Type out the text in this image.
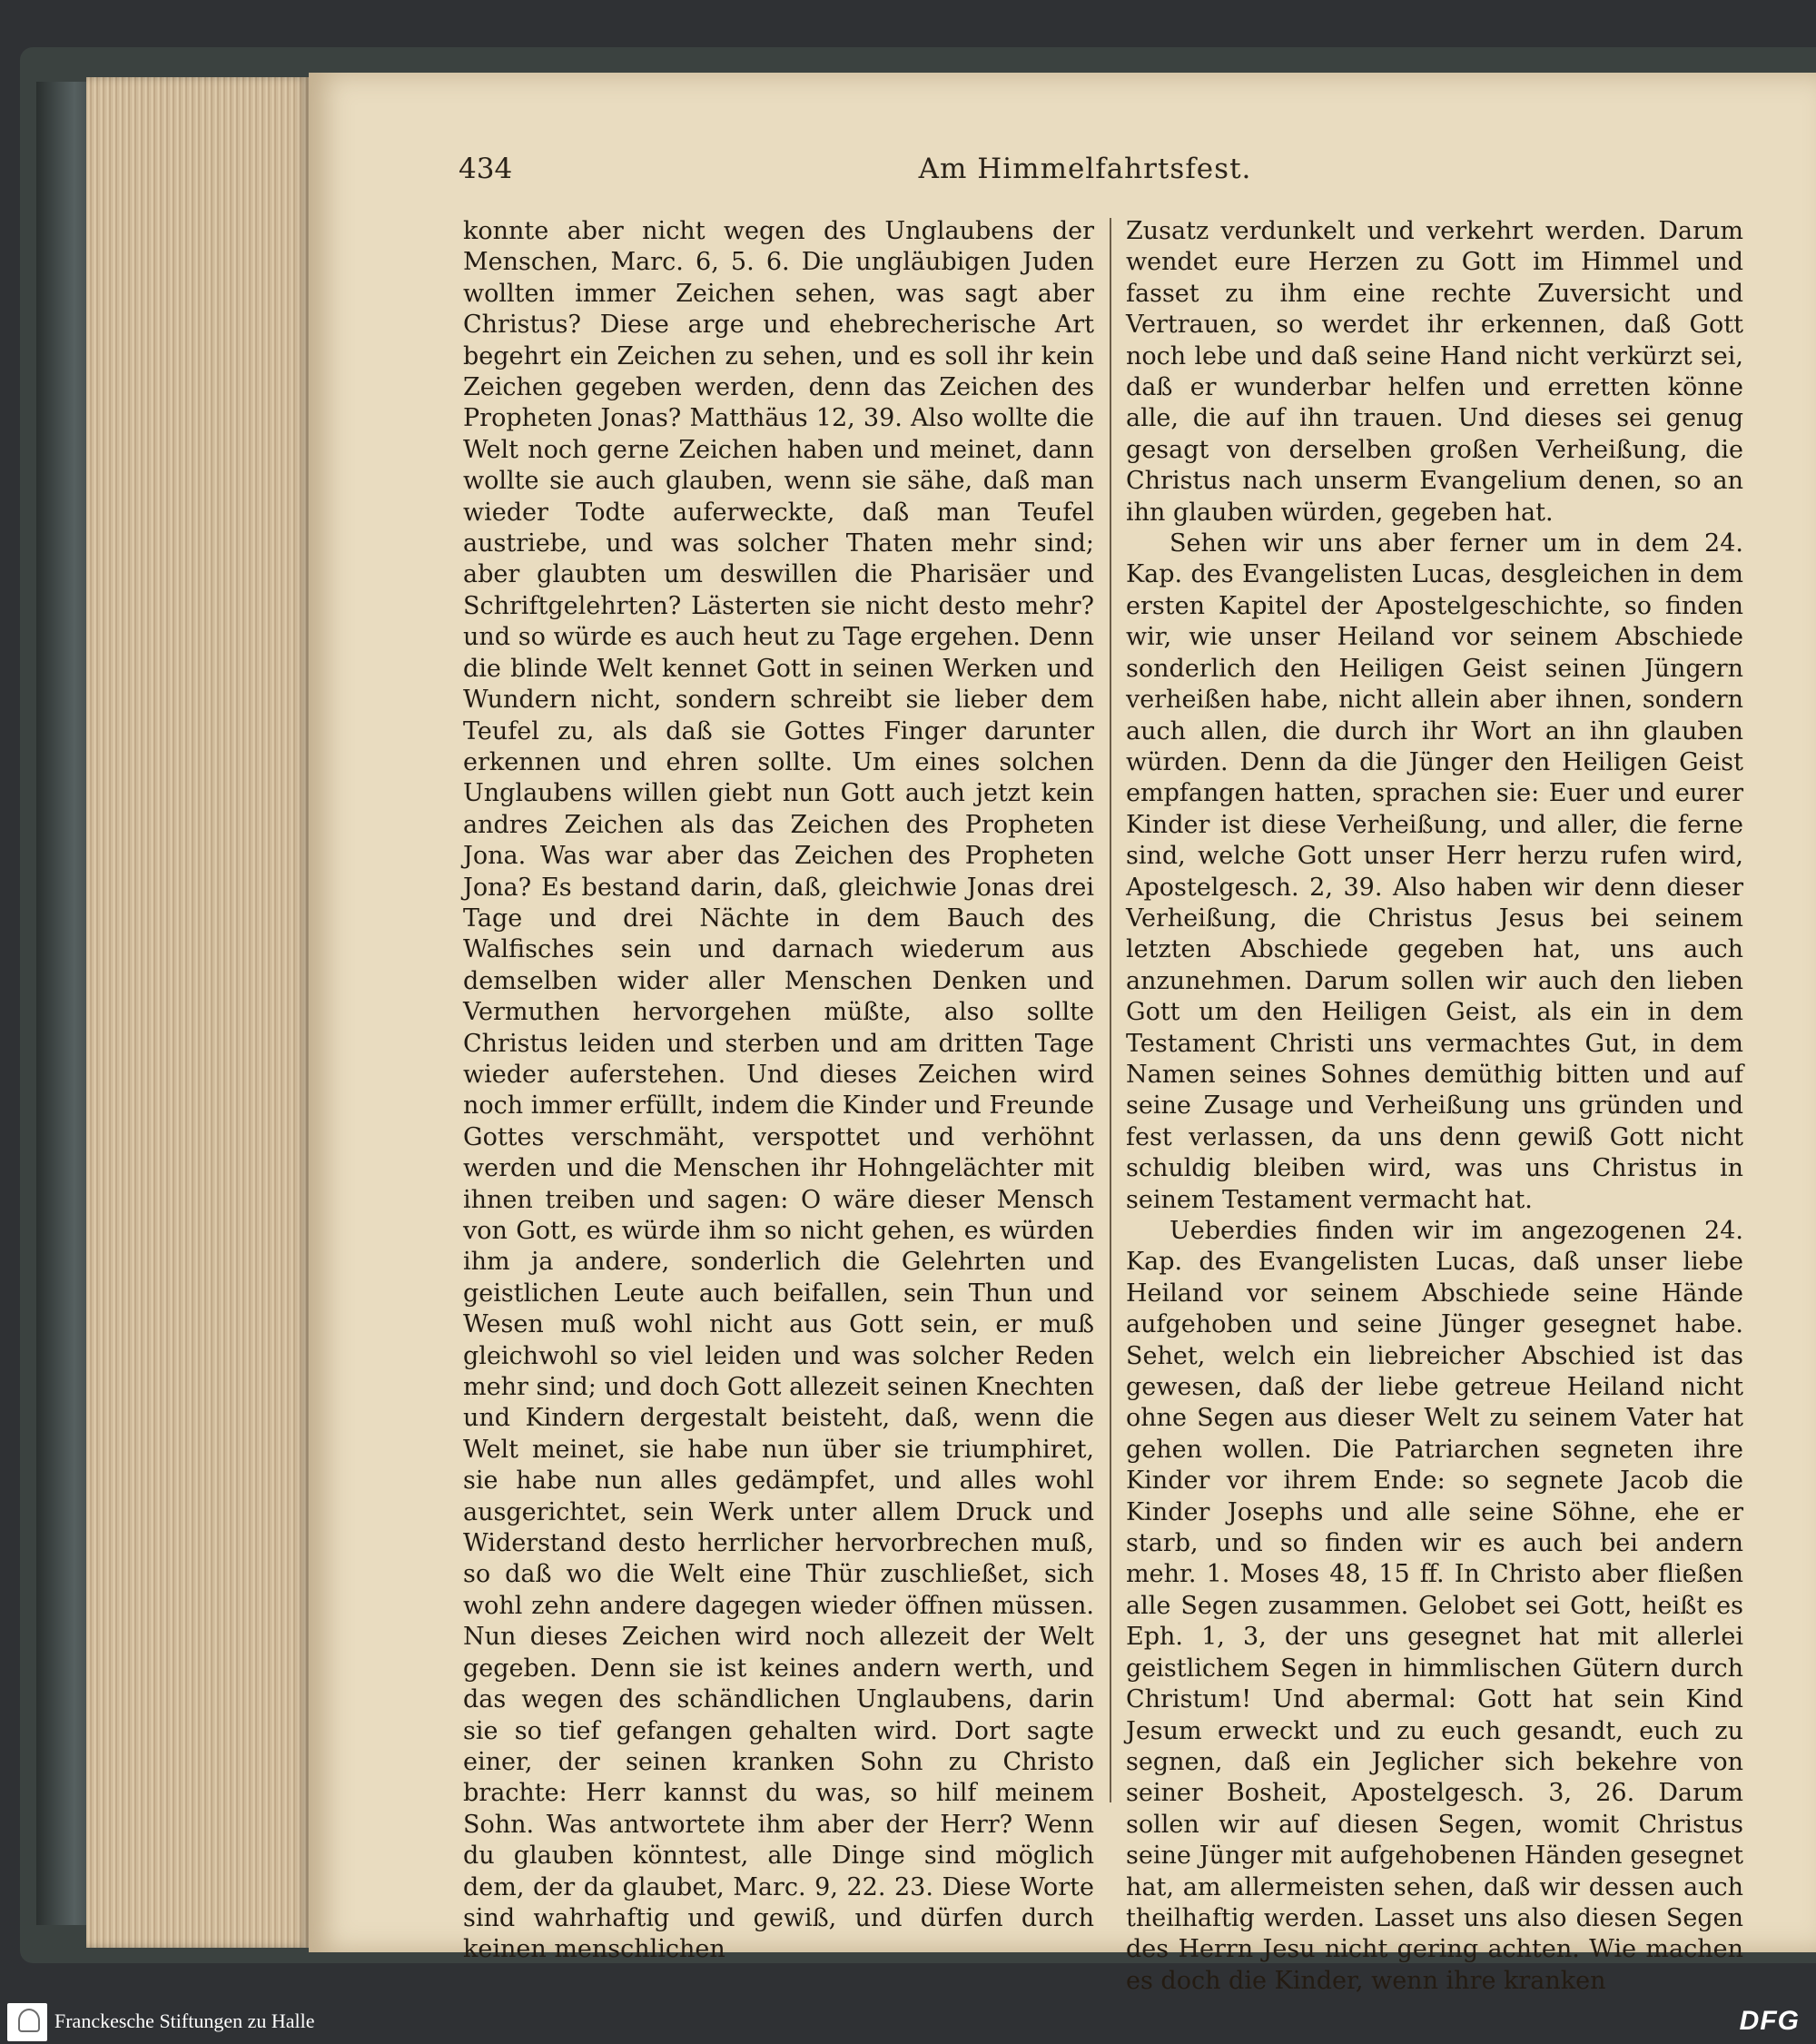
434	Am Himmelfahrtsfest.

konnte aber nicht wegen des Unglaubens der Menschen, Marc. 6, 5. 6. Die ungläubigen Juden wollten immer Zeichen sehen, was sagt aber Christus? Diese arge und ehebrecherische Art begehrt ein Zeichen zu sehen, und es soll ihr kein Zeichen gegeben werden, denn das Zeichen des Propheten Jonas? Matthäus 12, 39. Also wollte die Welt noch gerne Zeichen haben und meinet, dann wollte sie auch glauben, wenn sie sähe, daß man wieder Todte auferweckte, daß man Teufel austriebe, und was solcher Thaten mehr sind; aber glaubten um deswillen die Pharisäer und Schriftgelehrten? Lästerten sie nicht desto mehr? und so würde es auch heut zu Tage ergehen. Denn die blinde Welt kennet Gott in seinen Werken und Wundern nicht, sondern schreibt sie lieber dem Teufel zu, als daß sie Gottes Finger darunter erkennen und ehren sollte. Um eines solchen Unglaubens willen giebt nun Gott auch jetzt kein andres Zeichen als das Zeichen des Propheten Jona. Was war aber das Zeichen des Propheten Jona? Es bestand darin, daß, gleichwie Jonas drei Tage und drei Nächte in dem Bauch des Walfisches sein und darnach wiederum aus demselben wider aller Menschen Denken und Vermuthen hervorgehen müßte, also sollte Christus leiden und sterben und am dritten Tage wieder auferstehen. Und dieses Zeichen wird noch immer erfüllt, indem die Kinder und Freunde Gottes verschmäht, verspottet und verhöhnt werden und die Menschen ihr Hohngelächter mit ihnen treiben und sagen: O wäre dieser Mensch von Gott, es würde ihm so nicht gehen, es würden ihm ja andere, sonderlich die Gelehrten und geistlichen Leute auch beifallen, sein Thun und Wesen muß wohl nicht aus Gott sein, er muß gleichwohl so viel leiden und was solcher Reden mehr sind; und doch Gott allezeit seinen Knechten und Kindern dergestalt beisteht, daß, wenn die Welt meinet, sie habe nun über sie triumphiret, sie habe nun alles gedämpfet, und alles wohl ausgerichtet, sein Werk unter allem Druck und Widerstand desto herrlicher hervorbrechen muß, so daß wo die Welt eine Thür zuschließet, sich wohl zehn andere dagegen wieder öffnen müssen. Nun dieses Zeichen wird noch allezeit der Welt gegeben. Denn sie ist keines andern werth, und das wegen des schändlichen Unglaubens, darin sie so tief gefangen gehalten wird. Dort sagte einer, der seinen kranken Sohn zu Christo brachte: Herr kannst du was, so hilf meinem Sohn. Was antwortete ihm aber der Herr? Wenn du glauben könntest, alle Dinge sind möglich dem, der da glaubet, Marc. 9, 22. 23. Diese Worte sind wahrhaftig und gewiß, und dürfen durch keinen menschlichen

Zusatz verdunkelt und verkehrt werden. Darum wendet eure Herzen zu Gott im Himmel und fasset zu ihm eine rechte Zuversicht und Vertrauen, so werdet ihr erkennen, daß Gott noch lebe und daß seine Hand nicht verkürzt sei, daß er wunderbar helfen und erretten könne alle, die auf ihn trauen. Und dieses sei genug gesagt von derselben großen Verheißung, die Christus nach unserm Evangelium denen, so an ihn glauben würden, gegeben hat.

Sehen wir uns aber ferner um in dem 24. Kap. des Evangelisten Lucas, desgleichen in dem ersten Kapitel der Apostelgeschichte, so finden wir, wie unser Heiland vor seinem Abschiede sonderlich den Heiligen Geist seinen Jüngern verheißen habe, nicht allein aber ihnen, sondern auch allen, die durch ihr Wort an ihn glauben würden. Denn da die Jünger den Heiligen Geist empfangen hatten, sprachen sie: Euer und eurer Kinder ist diese Verheißung, und aller, die ferne sind, welche Gott unser Herr herzu rufen wird, Apostelgesch. 2, 39. Also haben wir denn dieser Verheißung, die Christus Jesus bei seinem letzten Abschiede gegeben hat, uns auch anzunehmen. Darum sollen wir auch den lieben Gott um den Heiligen Geist, als ein in dem Testament Christi uns vermachtes Gut, in dem Namen seines Sohnes demüthig bitten und auf seine Zusage und Verheißung uns gründen und fest verlassen, da uns denn gewiß Gott nicht schuldig bleiben wird, was uns Christus in seinem Testament vermacht hat.

Ueberdies finden wir im angezogenen 24. Kap. des Evangelisten Lucas, daß unser liebe Heiland vor seinem Abschiede seine Hände aufgehoben und seine Jünger gesegnet habe. Sehet, welch ein liebreicher Abschied ist das gewesen, daß der liebe getreue Heiland nicht ohne Segen aus dieser Welt zu seinem Vater hat gehen wollen. Die Patriarchen segneten ihre Kinder vor ihrem Ende: so segnete Jacob die Kinder Josephs und alle seine Söhne, ehe er starb, und so finden wir es auch bei andern mehr. 1. Moses 48, 15 ff. In Christo aber fließen alle Segen zusammen. Gelobet sei Gott, heißt es Eph. 1, 3, der uns gesegnet hat mit allerlei geistlichem Segen in himmlischen Gütern durch Christum! Und abermal: Gott hat sein Kind Jesum erweckt und zu euch gesandt, euch zu segnen, daß ein Jeglicher sich bekehre von seiner Bosheit, Apostelgesch. 3, 26. Darum sollen wir auf diesen Segen, womit Christus seine Jünger mit aufgehobenen Händen gesegnet hat, am allermeisten sehen, daß wir dessen auch theilhaftig werden. Lasset uns also diesen Segen des Herrn Jesu nicht gering achten. Wie machen es doch die Kinder, wenn ihre kranken

Franckesche Stiftungen zu Halle	DFG
